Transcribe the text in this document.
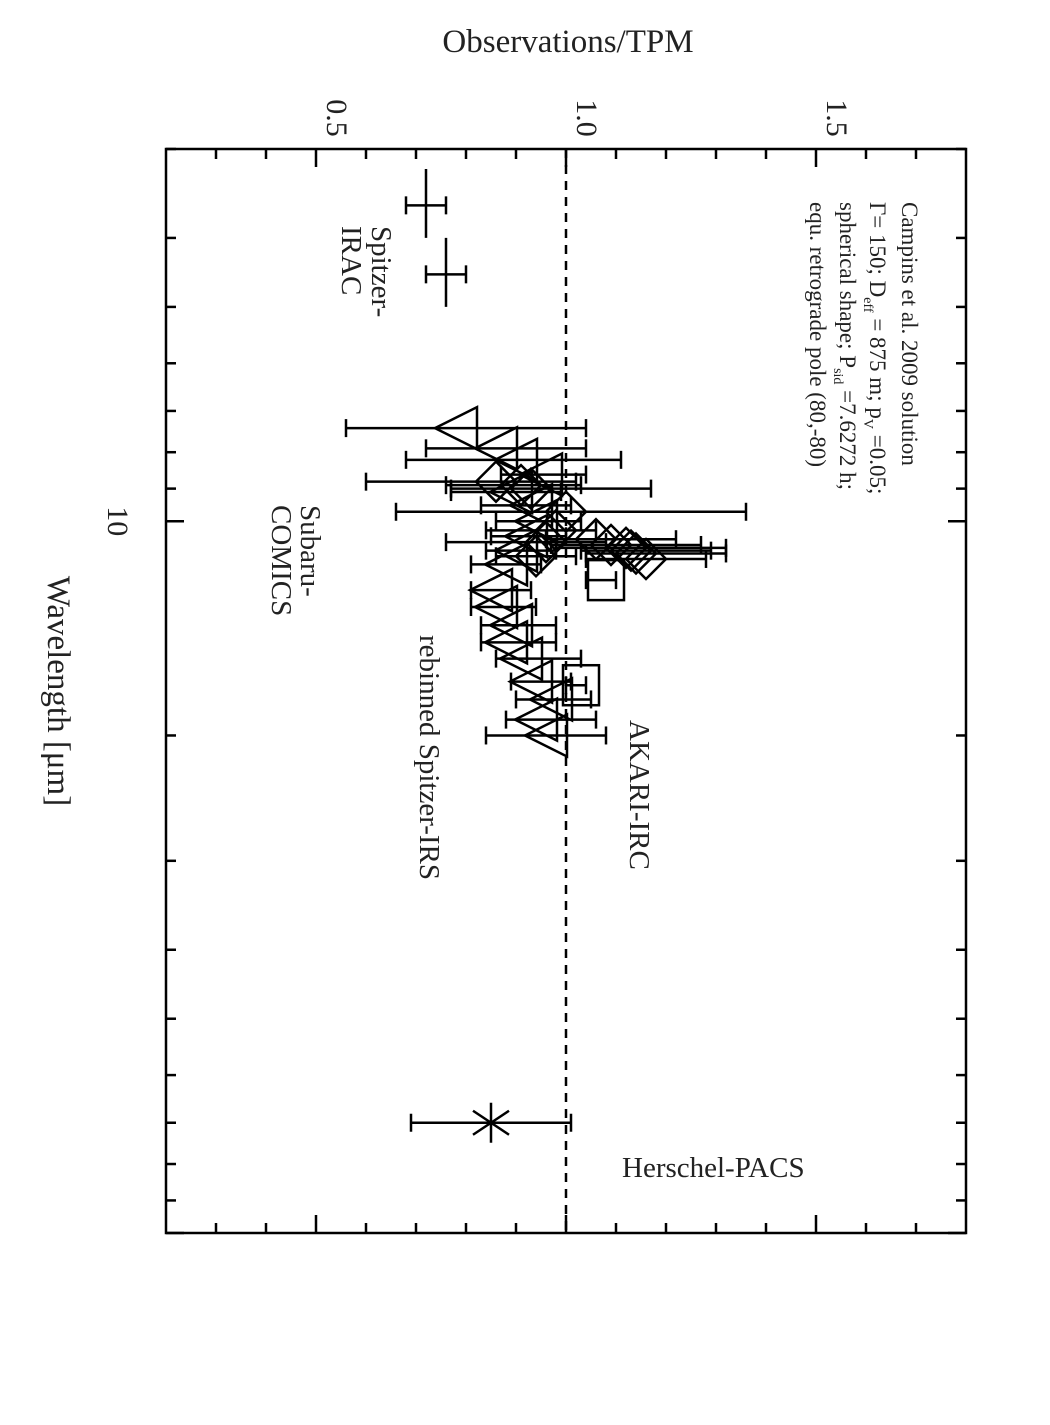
Observations/TPM
0.5	1.0	1.5
10
Wavelength [μm]
Spitzer-
IRAC
Subaru-
COMICS
rebinned Spitzer-IRS	AKARI-IRC
Herschel-PACS
Campins et al. 2009 solution
Γ= 150; $D_{eff} = 875$ m; $p_V =0.05$;
spherical shape; $P_{sid} =7.6272$ h;
equ. retrograde pole (80,-80)
